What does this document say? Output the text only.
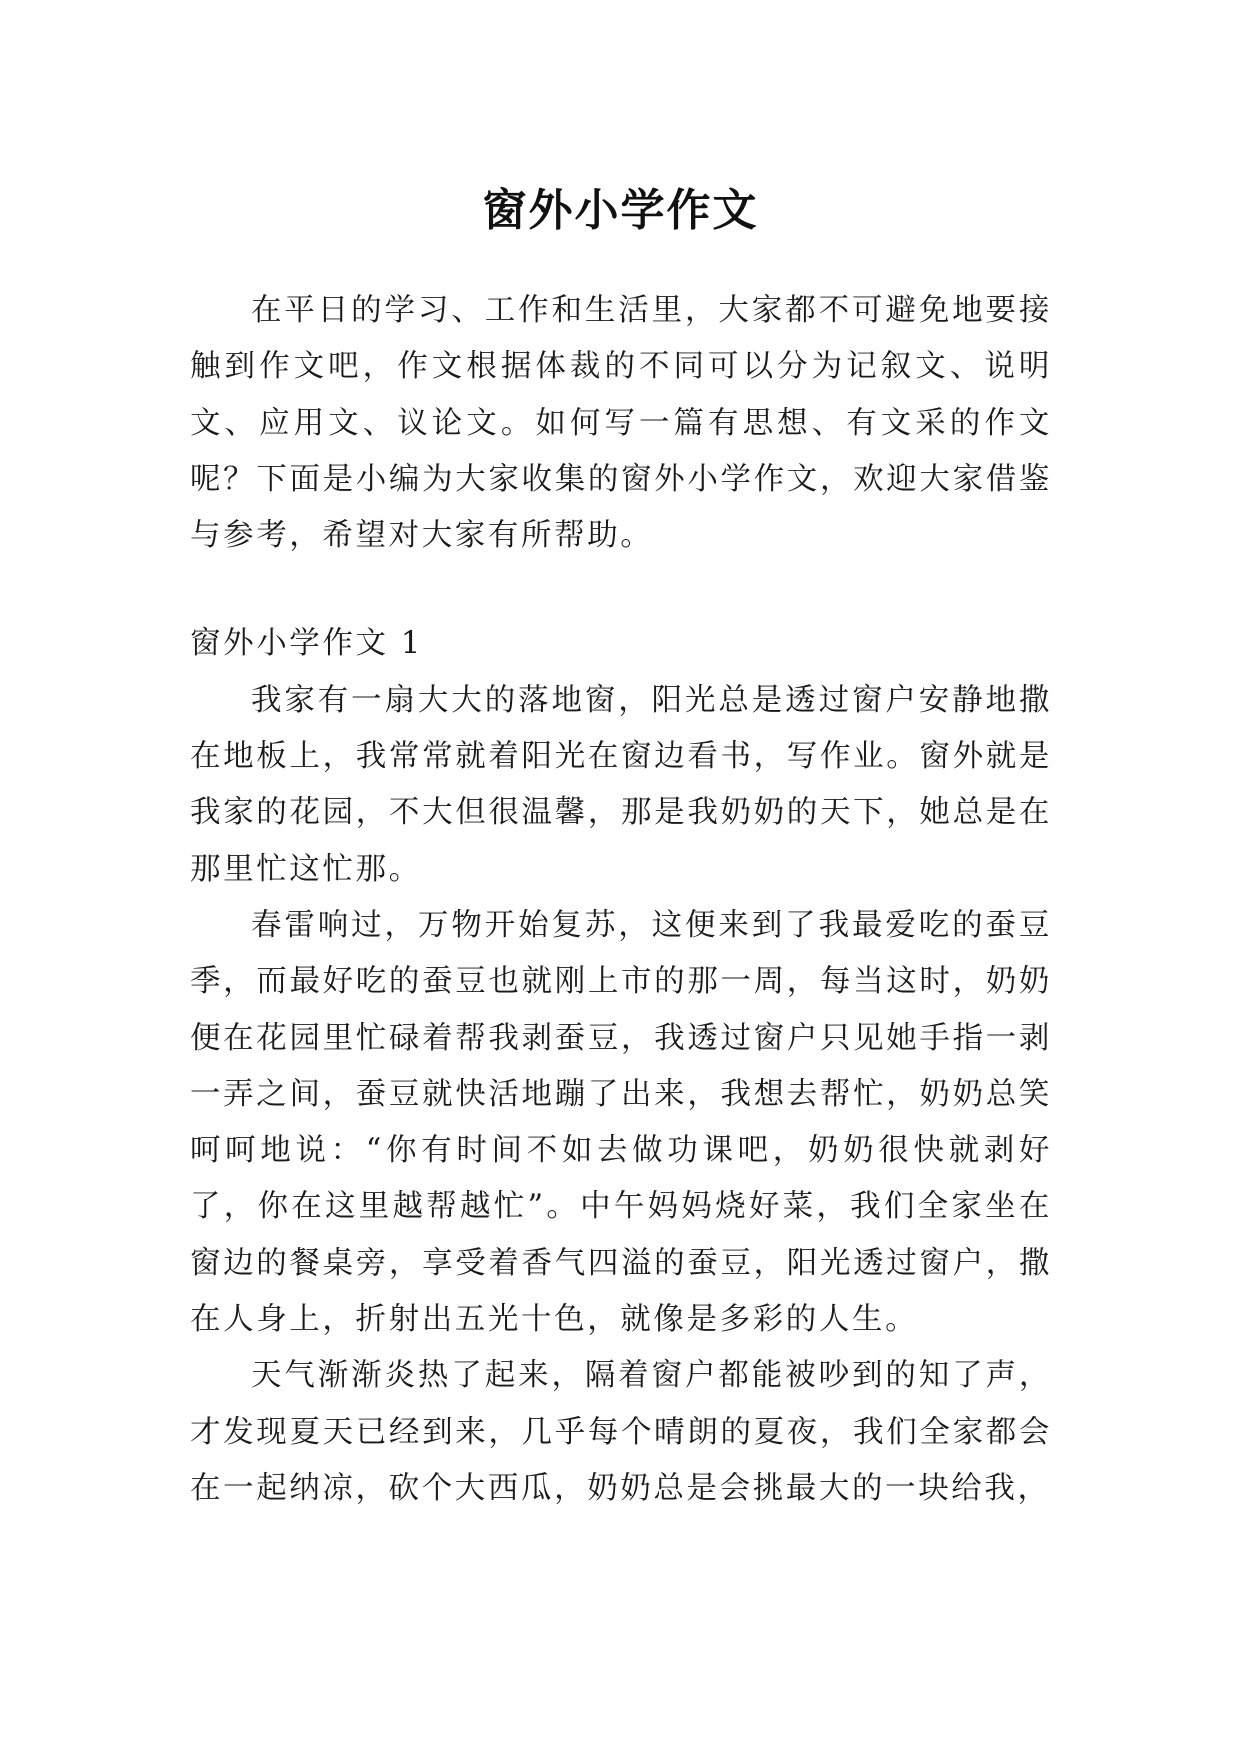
窗外小学作文

在平日的学习、工作和生活里，大家都不可避免地要接触到作文吧，作文根据体裁的不同可以分为记叙文、说明文、应用文、议论文。如何写一篇有思想、有文采的作文呢？下面是小编为大家收集的窗外小学作文，欢迎大家借鉴与参考，希望对大家有所帮助。

窗外小学作文 1

我家有一扇大大的落地窗，阳光总是透过窗户安静地撒在地板上，我常常就着阳光在窗边看书，写作业。窗外就是我家的花园，不大但很温馨，那是我奶奶的天下，她总是在那里忙这忙那。

春雷响过，万物开始复苏，这便来到了我最爱吃的蚕豆季，而最好吃的蚕豆也就刚上市的那一周，每当这时，奶奶便在花园里忙碌着帮我剥蚕豆，我透过窗户只见她手指一剥一弄之间，蚕豆就快活地蹦了出来，我想去帮忙，奶奶总笑呵呵地说：“你有时间不如去做功课吧，奶奶很快就剥好了，你在这里越帮越忙”。中午妈妈烧好菜，我们全家坐在窗边的餐桌旁，享受着香气四溢的蚕豆，阳光透过窗户，撒在人身上，折射出五光十色，就像是多彩的人生。

天气渐渐炎热了起来，隔着窗户都能被吵到的知了声，才发现夏天已经到来，几乎每个晴朗的夏夜，我们全家都会在一起纳凉，砍个大西瓜，奶奶总是会挑最大的一块给我，
